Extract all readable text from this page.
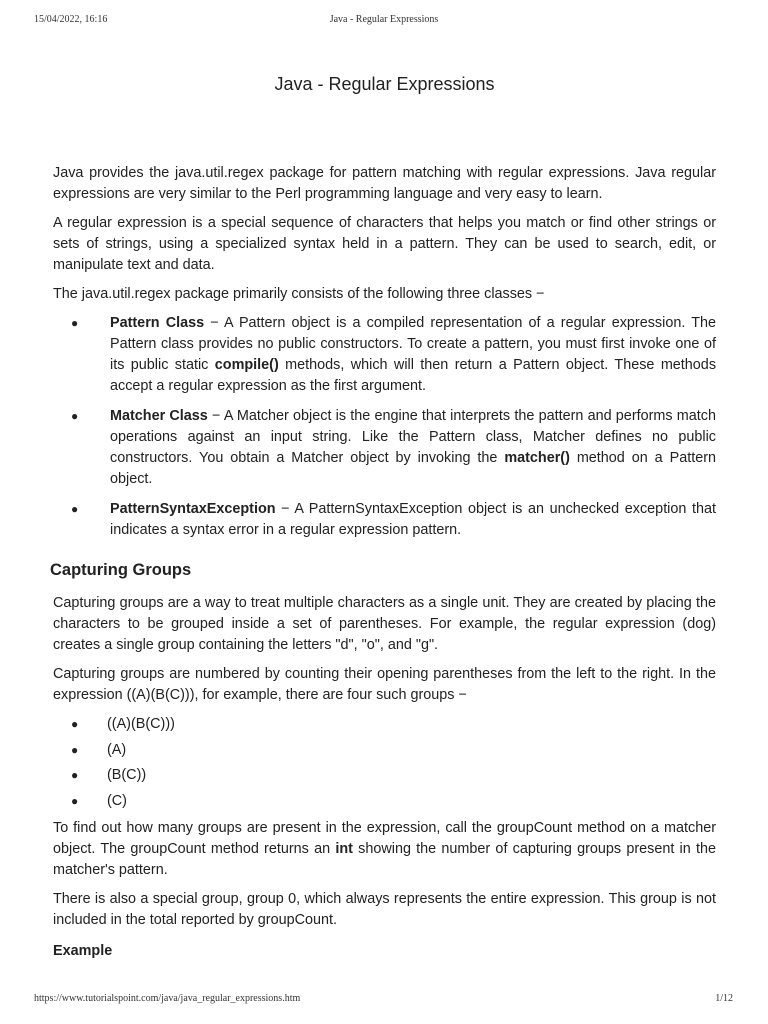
15/04/2022, 16:16	Java - Regular Expressions
Java - Regular Expressions

Java provides the java.util.regex package for pattern matching with regular expressions. Java regular expressions are very similar to the Perl programming language and very easy to learn.

A regular expression is a special sequence of characters that helps you match or find other strings or sets of strings, using a specialized syntax held in a pattern. They can be used to search, edit, or manipulate text and data.

The java.util.regex package primarily consists of the following three classes −

● Pattern Class − A Pattern object is a compiled representation of a regular expression. The Pattern class provides no public constructors. To create a pattern, you must first invoke one of its public static compile() methods, which will then return a Pattern object. These methods accept a regular expression as the first argument.
● Matcher Class − A Matcher object is the engine that interprets the pattern and performs match operations against an input string. Like the Pattern class, Matcher defines no public constructors. You obtain a Matcher object by invoking the matcher() method on a Pattern object.
● PatternSyntaxException − A PatternSyntaxException object is an unchecked exception that indicates a syntax error in a regular expression pattern.
Capturing Groups

Capturing groups are a way to treat multiple characters as a single unit. They are created by placing the characters to be grouped inside a set of parentheses. For example, the regular expression (dog) creates a single group containing the letters "d", "o", and "g".

Capturing groups are numbered by counting their opening parentheses from the left to the right. In the expression ((A)(B(C))), for example, there are four such groups −

● ((A)(B(C)))
● (A)
● (B(C))
● (C)

To find out how many groups are present in the expression, call the groupCount method on a matcher object. The groupCount method returns an int showing the number of capturing groups present in the matcher's pattern.

There is also a special group, group 0, which always represents the entire expression. This group is not included in the total reported by groupCount.

Example
https://www.tutorialspoint.com/java/java_regular_expressions.htm	1/12
